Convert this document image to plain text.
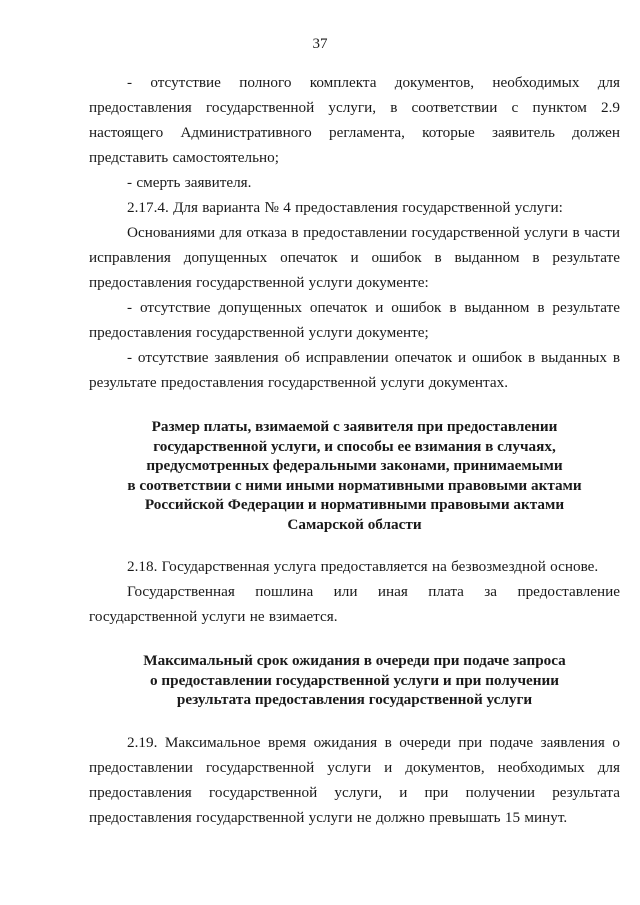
37

- отсутствие полного комплекта документов, необходимых для предоставления государственной услуги, в соответствии с пунктом 2.9 настоящего Административного регламента, которые заявитель должен представить самостоятельно;

- смерть заявителя.

2.17.4. Для варианта № 4 предоставления государственной услуги:

Основаниями для отказа в предоставлении государственной услуги в части исправления допущенных опечаток и ошибок в выданном в результате предоставления государственной услуги документе:

- отсутствие допущенных опечаток и ошибок в выданном в результате предоставления государственной услуги документе;

- отсутствие заявления об исправлении опечаток и ошибок в выданных в результате предоставления государственной услуги документах.

Размер платы, взимаемой с заявителя при предоставлении
государственной услуги, и способы ее взимания в случаях,
предусмотренных федеральными законами, принимаемыми
в соответствии с ними иными нормативными правовыми актами
Российской Федерации и нормативными правовыми актами
Самарской области

2.18. Государственная услуга предоставляется на безвозмездной основе.

Государственная пошлина или иная плата за предоставление государственной услуги не взимается.

Максимальный срок ожидания в очереди при подаче запроса
о предоставлении государственной услуги и при получении
результата предоставления государственной услуги

2.19. Максимальное время ожидания в очереди при подаче заявления о предоставлении государственной услуги и документов, необходимых для предоставления государственной услуги, и при получении результата предоставления государственной услуги не должно превышать 15 минут.
